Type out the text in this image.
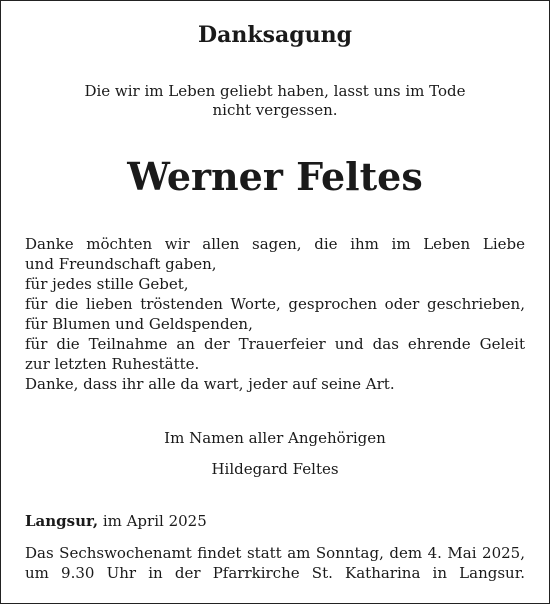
Danksagung
Die wir im Leben geliebt haben, lasst uns im Tode
nicht vergessen.
Werner Feltes
Danke möchten wir allen sagen, die ihm im Leben Liebe
und Freundschaft gaben,
für jedes stille Gebet,
für die lieben tröstenden Worte, gesprochen oder geschrieben,
für Blumen und Geldspenden,
für die Teilnahme an der Trauerfeier und das ehrende Geleit
zur letzten Ruhestätte.
Danke, dass ihr alle da wart, jeder auf seine Art.
Im Namen aller Angehörigen
Hildegard Feltes
Langsur, im April 2025
Das Sechswochenamt findet statt am Sonntag, dem 4. Mai 2025,
um 9.30 Uhr in der Pfarrkirche St. Katharina in Langsur.
